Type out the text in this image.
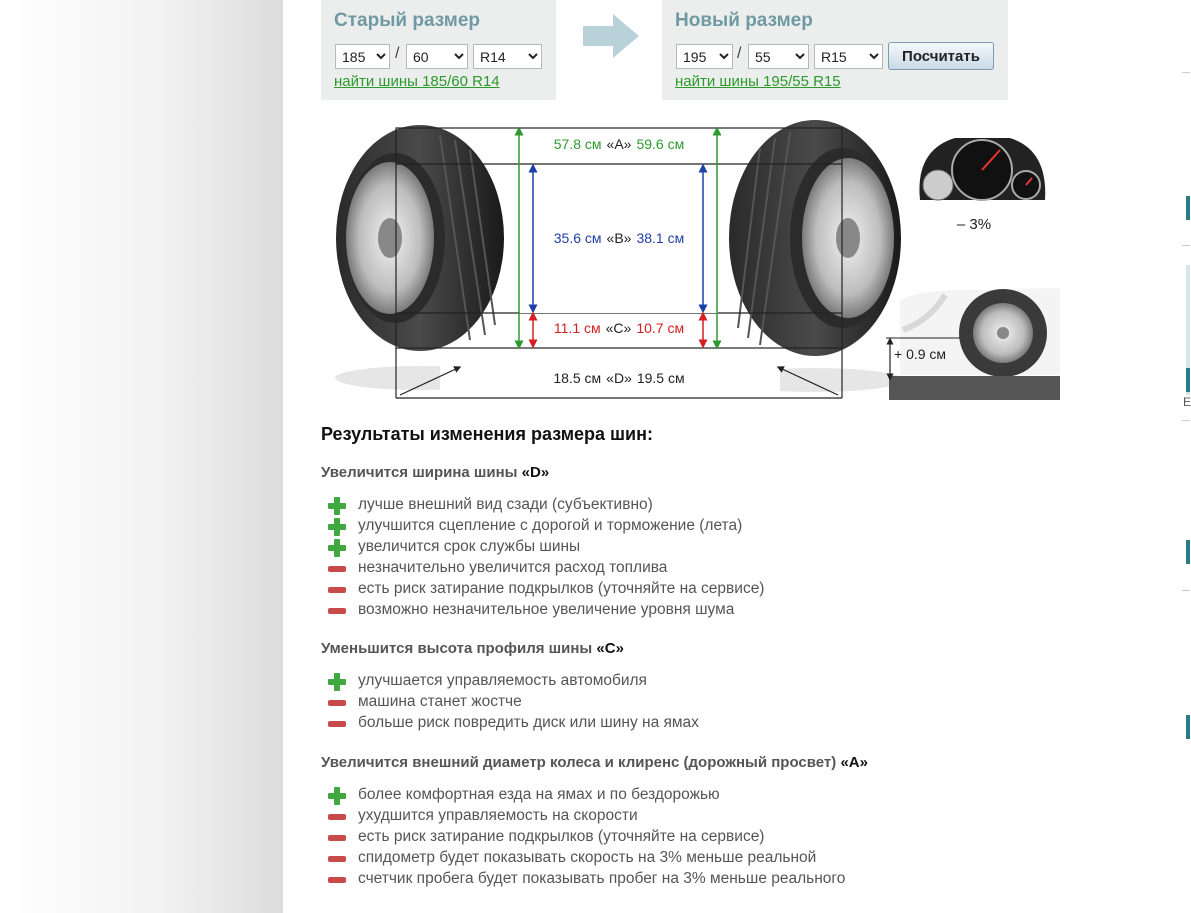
E
Старый размер
185
/
60
R14
найти шины 185/60 R14
Новый размер
195
/
55
R15	Посчитать
найти шины 195/55 R15
57.8 см «A» 59.6 см
35.6 см «B» 38.1 см
11.1 см «C» 10.7 см
18.5 см «D» 19.5 см
– 3%
+ 0.9 см
Результаты изменения размера шин:
Увеличится ширина шины «D»
лучше внешний вид сзади (субъективно)
улучшится сцепление с дорогой и торможение (лета)
увеличится срок службы шины
незначительно увеличится расход топлива
есть риск затирание подкрылков (уточняйте на сервисе)
возможно незначительное увеличение уровня шума
Уменьшится высота профиля шины «C»
улучшается управляемость автомобиля
машина станет жостче
больше риск повредить диск или шину на ямах
Увеличится внешний диаметр колеса и клиренс (дорожный просвет) «A»
более комфортная езда на ямах и по бездорожью
ухудшится управляемость на скорости
есть риск затирание подкрылков (уточняйте на сервисе)
спидометр будет показывать скорость на 3% меньше реальной
счетчик пробега будет показывать пробег на 3% меньше реального
